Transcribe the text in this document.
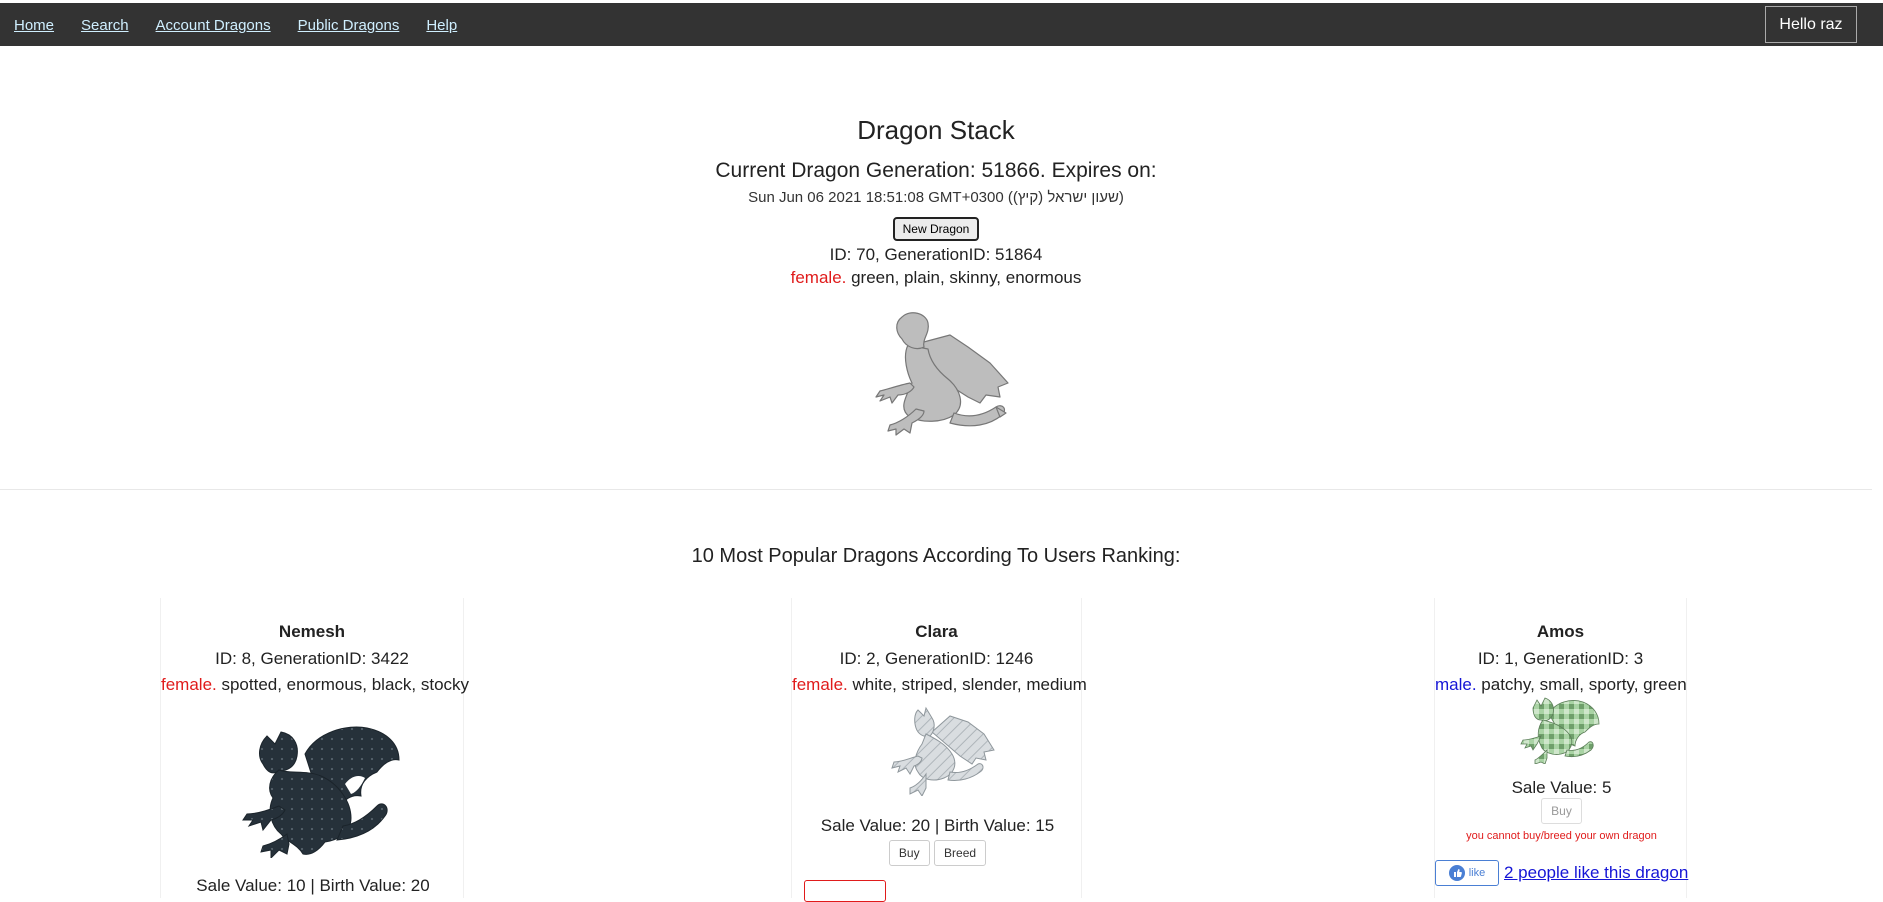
Home Search Account Dragons Public Dragons Help	Hello raz
Dragon Stack
Current Dragon Generation: 51866. Expires on:
Sun Jun 06 2021 18:51:08 GMT+0300 (שעון ישראל (קיץ))
New Dragon
ID: 70, GenerationID: 51864
female. green, plain, skinny, enormous
10 Most Popular Dragons According To Users Ranking:
Nemesh
ID: 8, GenerationID: 3422
female. spotted, enormous, black, stocky
Sale Value: 10 | Birth Value: 20
Clara
ID: 2, GenerationID: 1246
female. white, striped, slender, medium
Sale Value: 20 | Birth Value: 15
Buy Breed
Amos
ID: 1, GenerationID: 3
male. patchy, small, sporty, green
Sale Value: 5
Buy
you cannot buy/breed your own dragon
like 2 people like this dragon
